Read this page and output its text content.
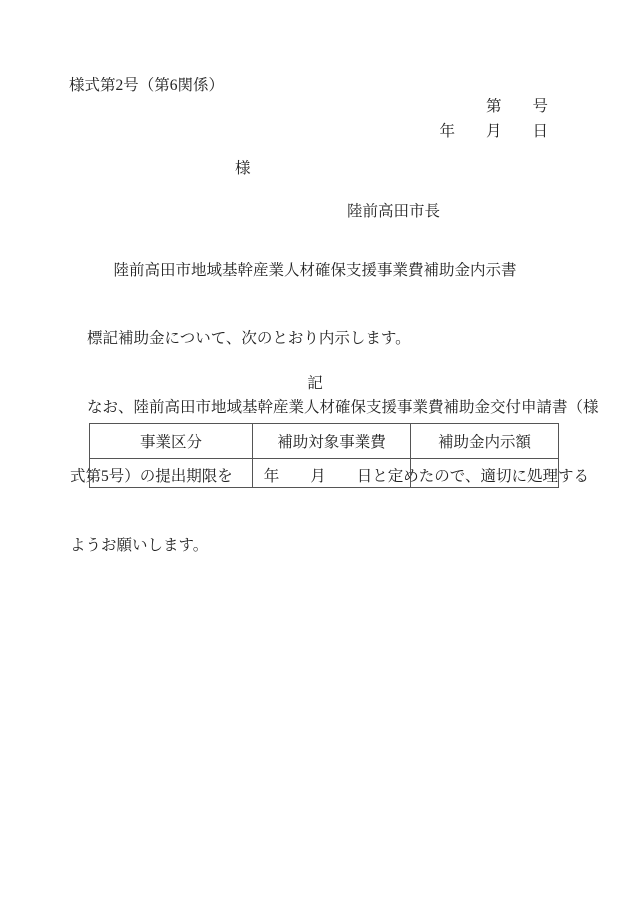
様式第2号（第6関係）
第　　号
年　　月　　日
様
陸前高田市長
陸前高田市地域基幹産業人材確保支援事業費補助金内示書

標記補助金について、次のとおり内示します。

なお、陸前高田市地域基幹産業人材確保支援事業費補助金交付申請書（様

式第5号）の提出期限を　　年　　月　　日と定めたので、適切に処理する

ようお願いします。

記

事業区分	補助対象事業費	補助金内示額
